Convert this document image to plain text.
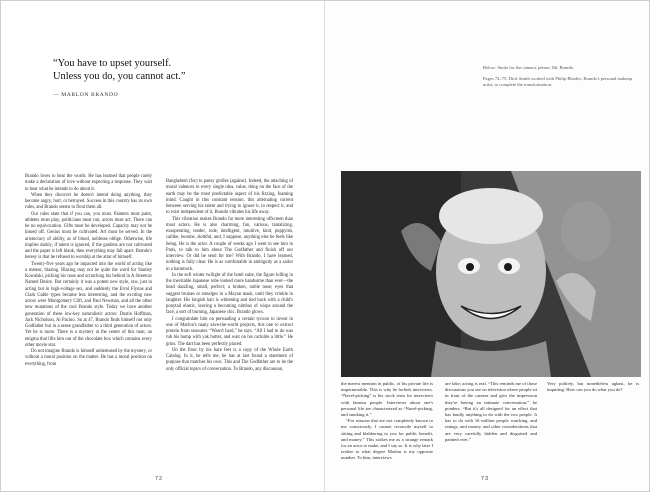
“You have to upset yourself.

Unless you do, you cannot act.”

— MARLON BRANDO

Brando loves to hear the words. He has learned that people rarely make a declaration of love without expecting a response. They wait to hear what he intends to do about it.

When they discover he doesn't intend doing anything, they become angry, hurt, or betrayed. Success in this country has its own rules, and Brando seems to flout them all.

Our rules state that if you can, you must. Painters must paint, athletes must play, politicians must run, actors must act. There can be no equivocation. Gifts must be developed. Capacity may not be kissed off. Genius must be cultivated. Art must be served. In the aristocracy of ability, as of blood, noblesse oblige. Otherwise, life implies darkly, if talent is ignored, if the gardens are not cultivated and the paper is left blank, then everything may fall apart. Brando's heresy is that he refused to worship at the altar of himself.

Twenty-five years ago he impacted into the world of acting like a meteor, blazing. Blazing may not be quite the word for Stanley Kowalski, picking his nose and scratching his behind in A Streetcar Named Desire. But certainly it was a potent new style, raw, just in acting but in high-voltage sex, and suddenly the Errol Flynns and Clark Gable types became less interesting, and the exciting new actors were Montgomery Clift, and Paul Newman, and all the other new mutations of the cool Brando style. Today we have another generation of these low-key naturalistic actors: Dustin Hoffman, Jack Nicholson, Al Pacino. So at 47, Brando finds himself not only Godfather but in a sense grandfather to a third generation of actors. Yet he is more. There is a mystery at the center of this man; an enigma that lifts him out of the chocolate box which contains every other movie star.

Do not imagine Brando is himself unbemused by the mystery, or without a moral position on the matter. He has a moral position on everything, from

Bangladesh (for) to pansy girdles (against). Indeed, the attaching of moral valences to every single idea, value, thing on the face of the earth may be the most predictable aspect of his fizzing, foaming mind. Caught in this constant tension, this alternating current between serving his talent and trying to ignore it, to respect it, and to exist independent of it, Brando vibrates his life away.

This vibration makes Brando far more interesting offscreen than most actors. He is also charming, fun, various, tantalizing, exasperating, tender, rude, intelligent, intuitive, kind, puppyish, catlike, leonine, slothful, and, I suppose, anything else he feels like being. He is the actor. A couple of weeks ago I went to see him in Paris, to talk to him about The Godfather and finish off our interview. Or did he send for me? With Brando, I have learned, nothing is fully clear. He is as comfortable in ambiguity as a sailor in a hammock.

In the soft winter twilight of the hotel suite, the figure lolling in the inevitable Japanese robe looked more handsome than ever—the head dazzling, small, perfect; a broken, noble nose; eyes that suggest bruises or smudges in a Mayan mask, until they crinkle in laughter. His longish hair is whitening and tied back with a child's ponytail elastic, leaving a becoming nimbus of wisps around the face, a sort of burning, Japanese chic. Brando glows.

I congratulate him on persuading a certain tycoon to invest in one of Marlon's many save-the-world projects, this one to extract protein from seawater. “Wasn't hard,” he says. “All I had to do was rub his hump with yak butter, and wait on his carlolite a little.” He grins. The dart has been perfectly placed.

On the floor by his bare feet is a copy of the Whole Earth Catalog. In it, he tells me, he has at last found a statement of purpose that matches his own. This and The Godfather are to be the only official topics of conversation. To Brando, any discussion,

72

Below: Smile for the camera, please, Mr. Brando.

Pages 74–75: Dick Smith worked with Philip Rhodes, Brando's personal makeup artist, to complete the transformation.

the merest mention in public, of his private life is impermissible. This is why he forbids interviews. “Navel-picking” is his stock term for interviews with famous people. Interviews about one's personal life are characterized as “Navel-picking, and smoking it.”

“For reasons that are not completely known to me consciously, I cannot reconcile myself to sitting and blabbering to you for public benefit, and money.” This strikes me as a strange remark for an actor to make, and I say so. It is why later I realize to what degree Marlon is my opposite number. To him, interviews

are fake; acting is real. “This reminds me of those discussions you see on television where people sit in front of the camera and give the impression they're having an intimate conversation,” he ponders. “But it's all designed for an effect that has hardly anything to do with the two people. It has to do with 16 million people watching, and ratings, and money, and other considerations that are very carefully hidden and disguised and painted over.”

Very politely, but nonetheless aghast, he is inquiring: How can you do what you do?

73
